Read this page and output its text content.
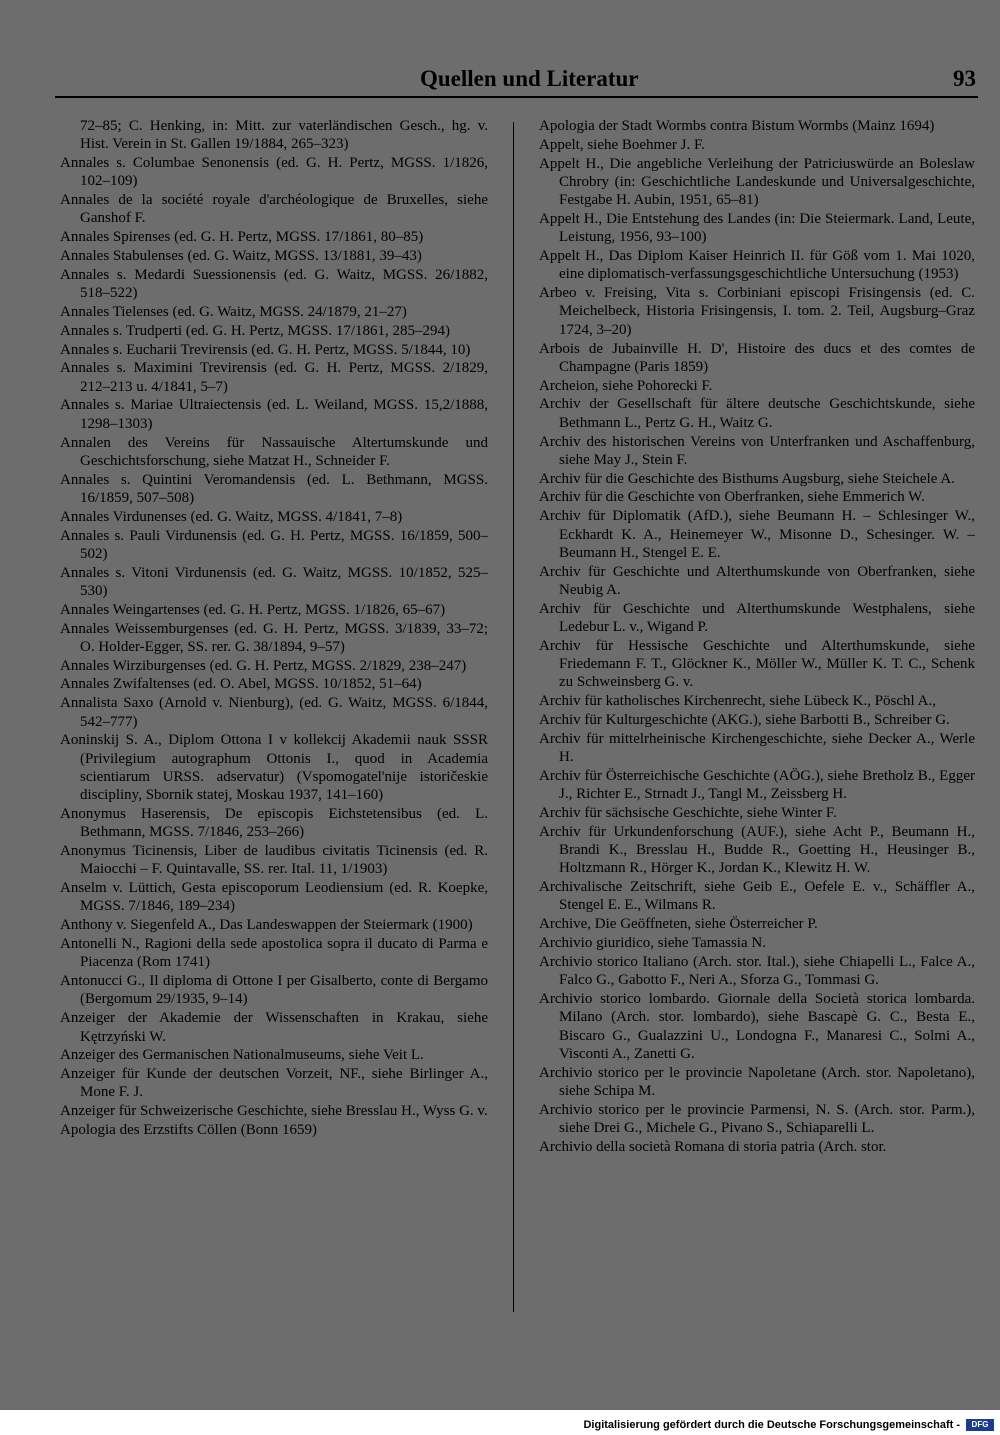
Quellen und Literatur	93

72–85; C. Henking, in: Mitt. zur vaterländischen Gesch., hg. v. Hist. Verein in St. Gallen 19/1884, 265–323)

Annales s. Columbae Senonensis (ed. G. H. Pertz, MGSS. 1/1826, 102–109)

Annales de la société royale d'archéologique de Bruxelles, siehe Ganshof F.

Annales Spirenses (ed. G. H. Pertz, MGSS. 17/1861, 80–85)

Annales Stabulenses (ed. G. Waitz, MGSS. 13/1881, 39–43)

Annales s. Medardi Suessionensis (ed. G. Waitz, MGSS. 26/1882, 518–522)

Annales Tielenses (ed. G. Waitz, MGSS. 24/1879, 21–27)

Annales s. Trudperti (ed. G. H. Pertz, MGSS. 17/1861, 285–294)

Annales s. Eucharii Trevirensis (ed. G. H. Pertz, MGSS. 5/1844, 10)

Annales s. Maximini Trevirensis (ed. G. H. Pertz, MGSS. 2/1829, 212–213 u. 4/1841, 5–7)

Annales s. Mariae Ultraiectensis (ed. L. Weiland, MGSS. 15,2/1888, 1298–1303)

Annalen des Vereins für Nassauische Altertumskunde und Geschichtsforschung, siehe Matzat H., Schneider F.

Annales s. Quintini Veromandensis (ed. L. Bethmann, MGSS. 16/1859, 507–508)

Annales Virdunenses (ed. G. Waitz, MGSS. 4/1841, 7–8)

Annales s. Pauli Virdunensis (ed. G. H. Pertz, MGSS. 16/1859, 500–502)

Annales s. Vitoni Virdunensis (ed. G. Waitz, MGSS. 10/1852, 525–530)

Annales Weingartenses (ed. G. H. Pertz, MGSS. 1/1826, 65–67)

Annales Weissemburgenses (ed. G. H. Pertz, MGSS. 3/1839, 33–72; O. Holder-Egger, SS. rer. G. 38/1894, 9–57)

Annales Wirziburgenses (ed. G. H. Pertz, MGSS. 2/1829, 238–247)

Annales Zwifaltenses (ed. O. Abel, MGSS. 10/1852, 51–64)

Annalista Saxo (Arnold v. Nienburg), (ed. G. Waitz, MGSS. 6/1844, 542–777)

Aoninskij S. A., Diplom Ottona I v kollekcij Akademii nauk SSSR (Privilegium autographum Ottonis I., quod in Academia scientiarum URSS. adservatur) (Vspomogatel'nije istoričeskie discipliny, Sbornik statej, Moskau 1937, 141–160)

Anonymus Haserensis, De episcopis Eichstetensibus (ed. L. Bethmann, MGSS. 7/1846, 253–266)

Anonymus Ticinensis, Liber de laudibus civitatis Ticinensis (ed. R. Maiocchi – F. Quintavalle, SS. rer. Ital. 11, 1/1903)

Anselm v. Lüttich, Gesta episcoporum Leodiensium (ed. R. Koepke, MGSS. 7/1846, 189–234)

Anthony v. Siegenfeld A., Das Landeswappen der Steiermark (1900)

Antonelli N., Ragioni della sede apostolica sopra il ducato di Parma e Piacenza (Rom 1741)

Antonucci G., Il diploma di Ottone I per Gisalberto, conte di Bergamo (Bergomum 29/1935, 9–14)

Anzeiger der Akademie der Wissenschaften in Krakau, siehe Kętrzyński W.

Anzeiger des Germanischen Nationalmuseums, siehe Veit L.

Anzeiger für Kunde der deutschen Vorzeit, NF., siehe Birlinger A., Mone F. J.

Anzeiger für Schweizerische Geschichte, siehe Bresslau H., Wyss G. v.

Apologia des Erzstifts Cöllen (Bonn 1659)

Apologia der Stadt Wormbs contra Bistum Wormbs (Mainz 1694)

Appelt, siehe Boehmer J. F.

Appelt H., Die angebliche Verleihung der Patriciuswürde an Boleslaw Chrobry (in: Geschichtliche Landeskunde und Universalgeschichte, Festgabe H. Aubin, 1951, 65–81)

Appelt H., Die Entstehung des Landes (in: Die Steiermark. Land, Leute, Leistung, 1956, 93–100)

Appelt H., Das Diplom Kaiser Heinrich II. für Göß vom 1. Mai 1020, eine diplomatisch-verfassungsgeschichtliche Untersuchung (1953)

Arbeo v. Freising, Vita s. Corbiniani episcopi Frisingensis (ed. C. Meichelbeck, Historia Frisingensis, I. tom. 2. Teil, Augsburg–Graz 1724, 3–20)

Arbois de Jubainville H. D', Histoire des ducs et des comtes de Champagne (Paris 1859)

Archeion, siehe Pohorecki F.

Archiv der Gesellschaft für ältere deutsche Geschichtskunde, siehe Bethmann L., Pertz G. H., Waitz G.

Archiv des historischen Vereins von Unterfranken und Aschaffenburg, siehe May J., Stein F.

Archiv für die Geschichte des Bisthums Augsburg, siehe Steichele A.

Archiv für die Geschichte von Oberfranken, siehe Emmerich W.

Archiv für Diplomatik (AfD.), siehe Beumann H. – Schlesinger W., Eckhardt K. A., Heinemeyer W., Misonne D., Schesinger. W. – Beumann H., Stengel E. E.

Archiv für Geschichte und Alterthumskunde von Oberfranken, siehe Neubig A.

Archiv für Geschichte und Alterthumskunde Westphalens, siehe Ledebur L. v., Wigand P.

Archiv für Hessische Geschichte und Alterthumskunde, siehe Friedemann F. T., Glöckner K., Möller W., Müller K. T. C., Schenk zu Schweinsberg G. v.

Archiv für katholisches Kirchenrecht, siehe Lübeck K., Pöschl A.,

Archiv für Kulturgeschichte (AKG.), siehe Barbotti B., Schreiber G.

Archiv für mittelrheinische Kirchengeschichte, siehe Decker A., Werle H.

Archiv für Österreichische Geschichte (AÖG.), siehe Bretholz B., Egger J., Richter E., Strnadt J., Tangl M., Zeissberg H.

Archiv für sächsische Geschichte, siehe Winter F.

Archiv für Urkundenforschung (AUF.), siehe Acht P., Beumann H., Brandi K., Bresslau H., Budde R., Goetting H., Heusinger B., Holtzmann R., Hörger K., Jordan K., Klewitz H. W.

Archivalische Zeitschrift, siehe Geib E., Oefele E. v., Schäffler A., Stengel E. E., Wilmans R.

Archive, Die Geöffneten, siehe Österreicher P.

Archivio giuridico, siehe Tamassia N.

Archivio storico Italiano (Arch. stor. Ital.), siehe Chiapelli L., Falce A., Falco G., Gabotto F., Neri A., Sforza G., Tommasi G.

Archivio storico lombardo. Giornale della Società storica lombarda. Milano (Arch. stor. lombardo), siehe Bascapè G. C., Besta E., Biscaro G., Gualazzini U., Londogna F., Manaresi C., Solmi A., Visconti A., Zanetti G.

Archivio storico per le provincie Napoletane (Arch. stor. Napoletano), siehe Schipa M.

Archivio storico per le provincie Parmensi, N. S. (Arch. stor. Parm.), siehe Drei G., Michele G., Pivano S., Schiaparelli L.

Archivio della società Romana di storia patria (Arch. stor.

Digitalisierung gefördert durch die Deutsche Forschungsgemeinschaft -	DFG
